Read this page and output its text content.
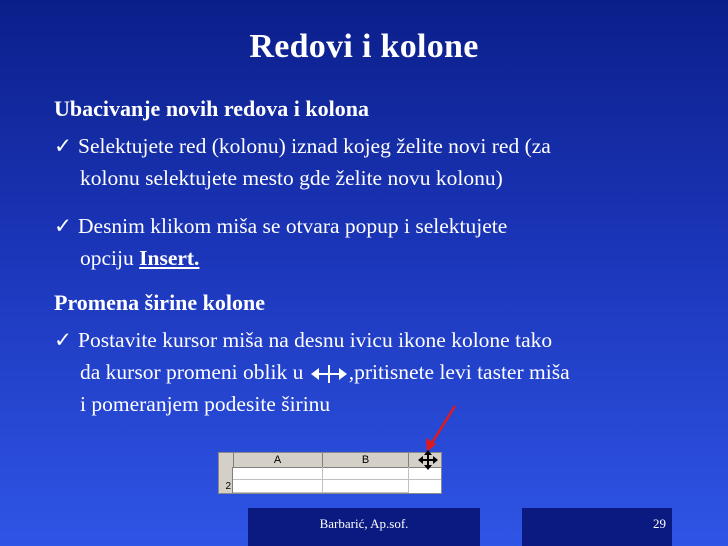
Redovi i kolone
Ubacivanje novih redova i kolona
✓ Selektujete red (kolonu) iznad kojeg želite novi red (za
kolonu selektujete mesto gde želite novu kolonu)
✓ Desnim klikom miša se otvara popup i selektujete
opciju Insert.
Promena širine kolone
✓ Postavite kursor miša na desnu ivicu ikone kolone tako
da kursor promeni oblik u ,pritisnete levi taster miša
i pomeranjem podesite širinu
A	B
2
Barbarić, Ap.sof.	29
